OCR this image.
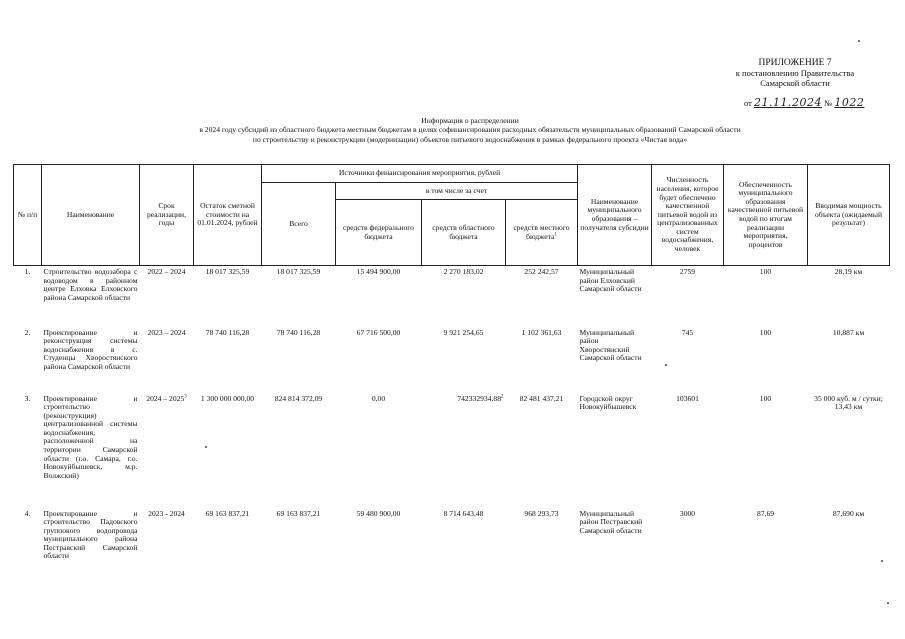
ПРИЛОЖЕНИЕ 7
к постановлению Правительства
Самарской области
от 21.11.2024 № 1022
Информация о распределении
в 2024 году субсидий из областного бюджета местным бюджетам в целях софинансирования расходных обязательств муниципальных образований Самарской области
по строительству и реконструкции (модернизации) объектов питьевого водоснабжения в рамках федерального проекта «Чистая вода»
№ п/п	Наименование	Срок реализации, годы	Остаток сметной стоимости на 01.01.2024, рублей	Источники финансирования мероприятия, рублей				Наименование муниципального образования – получателя субсидии	Численность населения, которое будет обеспечено качественной питьевой водой из централизованных систем водоснабжения, человек	Обеспеченность муниципального образования качественной питьевой водой по итогам реализации мероприятия, процентов	Вводимая мощность объекта (ожидаемый результат)
				Всего	в том числе за счет						
					средств федерального бюджета	средств областного бюджета	средств местного бюджета$^1$
1.	Строительство водозабора с водоводом в районном центре Елховка Елховского района Самарской области	2022 – 2024	18 017 325,59	18 017 325,59	15 494 900,00	2 270 183,02	252 242,57	Муниципальный район Елховский Самарской области	2759	100	28,19 км
2.	Проектирование и реконструкция системы водоснабжения в с. Студенцы Хворостянского района Самарской области	2023 – 2024	78 740 116,28	78 740 116,28	67 716 500,00	9 921 254,65	1 102 361,63	Муниципальный район Хворостянский Самарской области	745	100	10,887 км
3.	Проектирование и строительство (реконструкция) централизованной системы водоснабжения, расположенной на территории Самарской области (г.о. Самара, г.о. Новокуйбышевск, м.р. Волжский)	2024 – 2025$^3$	1 300 000 000,00	824 814 372,09	0,00	742332934,88$^2$	82 481 437,21	Городской округ Новокуйбышевск	103601	100	35 000 куб. м / сутки; 13,43 км
4.	Проектирование и строительство Падовского группового водопровода муниципального района Пестравский Самарской области	2023 - 2024	69 163 837,21	69 163 837,21	59 480 900,00	8 714 643,48	968 293,73	Муниципальный район Пестравский Самарской области	3000	87,69	87,690 км
